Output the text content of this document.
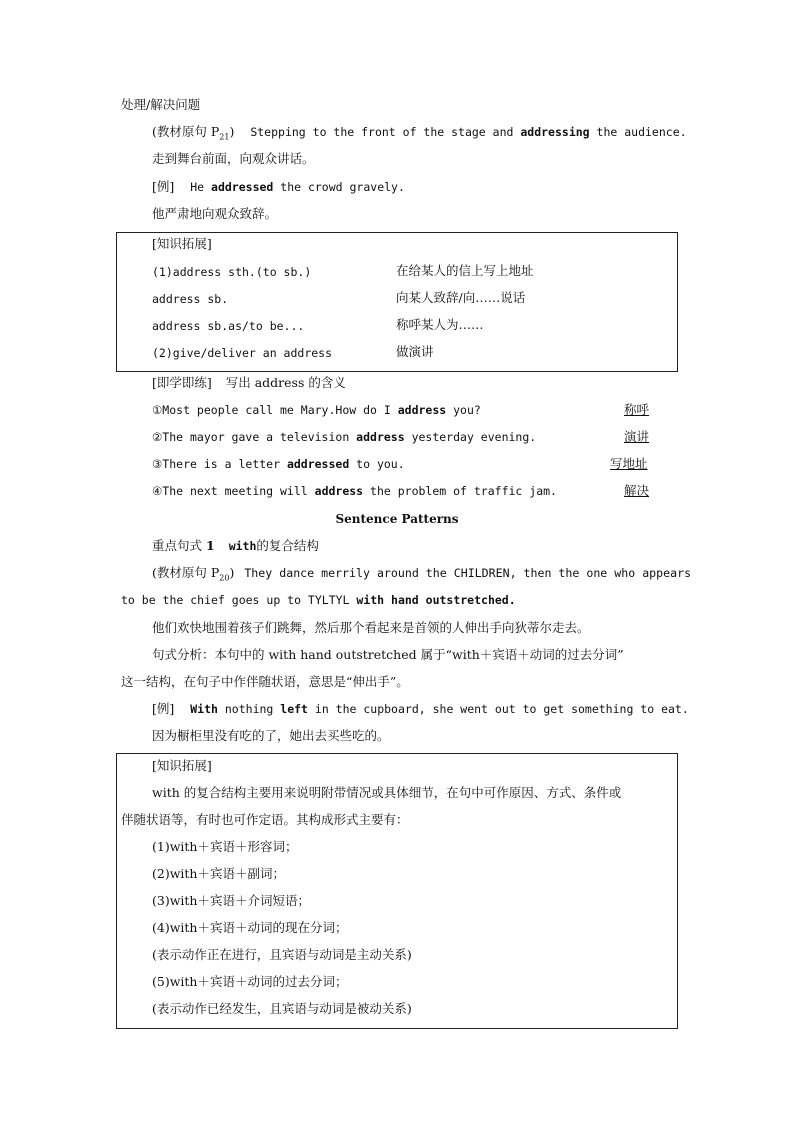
处理/解决问题
(教材原句 $P_{21}$) Stepping to the front of the stage and addressing the audience.
走到舞台前面，向观众讲话。
[例] He addressed the crowd gravely.
他严肃地向观众致辞。
[知识拓展]
(1)address sth.(to sb.)	在给某人的信上写上地址
address sb.	向某人致辞/向……说话
address sb.as/to be...	称呼某人为……
(2)give/deliver an address	做演讲
[即学即练] 写出 address 的含义
①Most people call me Mary.How do I address you?	称呼
②The mayor gave a television address yesterday evening.	演讲
③There is a letter addressed to you.	写地址
④The next meeting will address the problem of traffic jam.	解决
Sentence Patterns
重点句式 1 with的复合结构
(教材原句 $P_{20}$) They dance merrily around the CHILDREN, then the one who appears
to be the chief goes up to TYLTYL with hand outstretched.
他们欢快地围着孩子们跳舞，然后那个看起来是首领的人伸出手向狄蒂尔走去。
句式分析：本句中的 with hand outstretched 属于“with＋宾语＋动词的过去分词”
这一结构，在句子中作伴随状语，意思是“伸出手”。
[例] With nothing left in the cupboard, she went out to get something to eat.
因为橱柜里没有吃的了，她出去买些吃的。
[知识拓展]
with 的复合结构主要用来说明附带情况或具体细节，在句中可作原因、方式、条件或
伴随状语等，有时也可作定语。其构成形式主要有：
(1)with＋宾语＋形容词；
(2)with＋宾语＋副词；
(3)with＋宾语＋介词短语；
(4)with＋宾语＋动词的现在分词；
(表示动作正在进行，且宾语与动词是主动关系)
(5)with＋宾语＋动词的过去分词；
(表示动作已经发生，且宾语与动词是被动关系)
